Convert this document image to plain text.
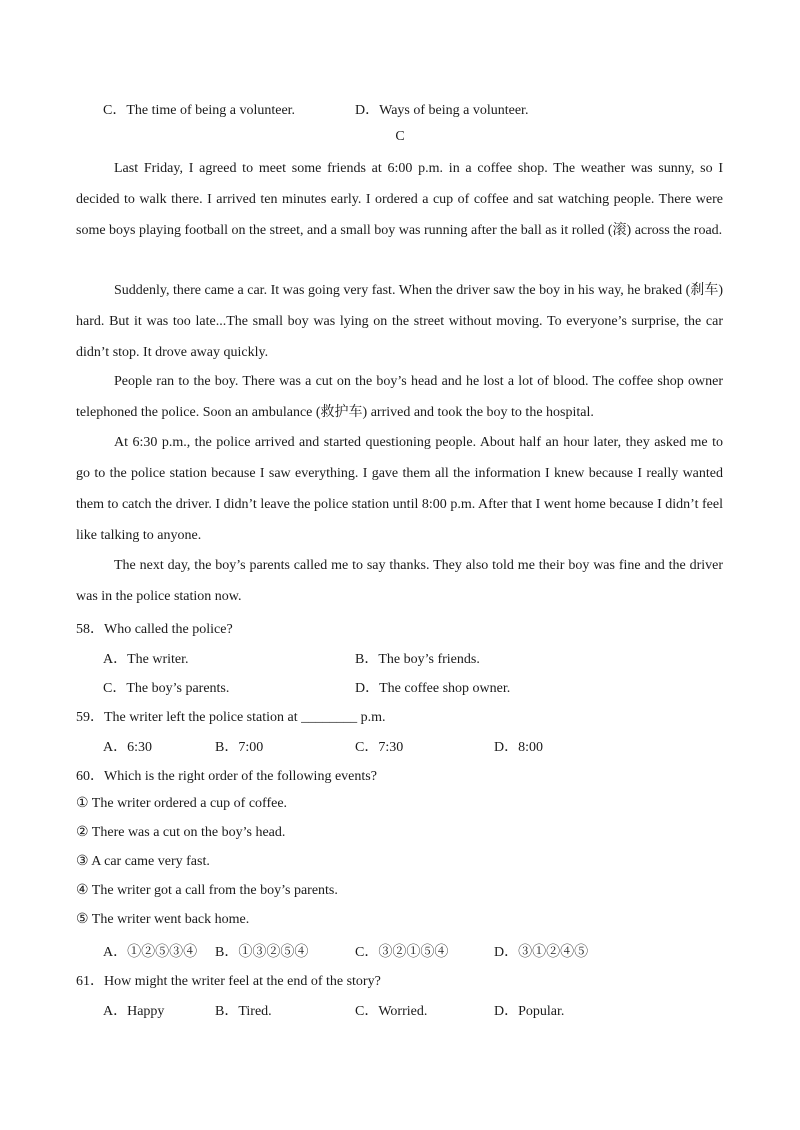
C．The time of being a volunteer.	D．Ways of being a volunteer.
C

Last Friday, I agreed to meet some friends at 6:00 p.m. in a coffee shop. The weather was sunny, so I decided to walk there. I arrived ten minutes early. I ordered a cup of coffee and sat watching people. There were some boys playing football on the street, and a small boy was running after the ball as it rolled (滚) across the road.

Suddenly, there came a car. It was going very fast. When the driver saw the boy in his way, he braked (刹车) hard. But it was too late...The small boy was lying on the street without moving. To everyone’s surprise, the car didn’t stop. It drove away quickly.

People ran to the boy. There was a cut on the boy’s head and he lost a lot of blood. The coffee shop owner telephoned the police. Soon an ambulance (救护车) arrived and took the boy to the hospital.

At 6:30 p.m., the police arrived and started questioning people. About half an hour later, they asked me to go to the police station because I saw everything. I gave them all the information I knew because I really wanted them to catch the driver. I didn’t leave the police station until 8:00 p.m. After that I went home because I didn’t feel like talking to anyone.

The next day, the boy’s parents called me to say thanks. They also told me their boy was fine and the driver was in the police station now.

58．Who called the police?
A．The writer.	B．The boy’s friends.
C．The boy’s parents.	D．The coffee shop owner.
59．The writer left the police station at ________ p.m.
A．6:30	B．7:00	C．7:30	D．8:00
60．Which is the right order of the following events?
① The writer ordered a cup of coffee.
② There was a cut on the boy’s head.
③ A car came very fast.
④ The writer got a call from the boy’s parents.
⑤ The writer went back home.
A．①②⑤③④ B．①③②⑤④	C．③②①⑤④	D．③①②④⑤
61．How might the writer feel at the end of the story?
A．Happy	B．Tired.	C．Worried.	D．Popular.
